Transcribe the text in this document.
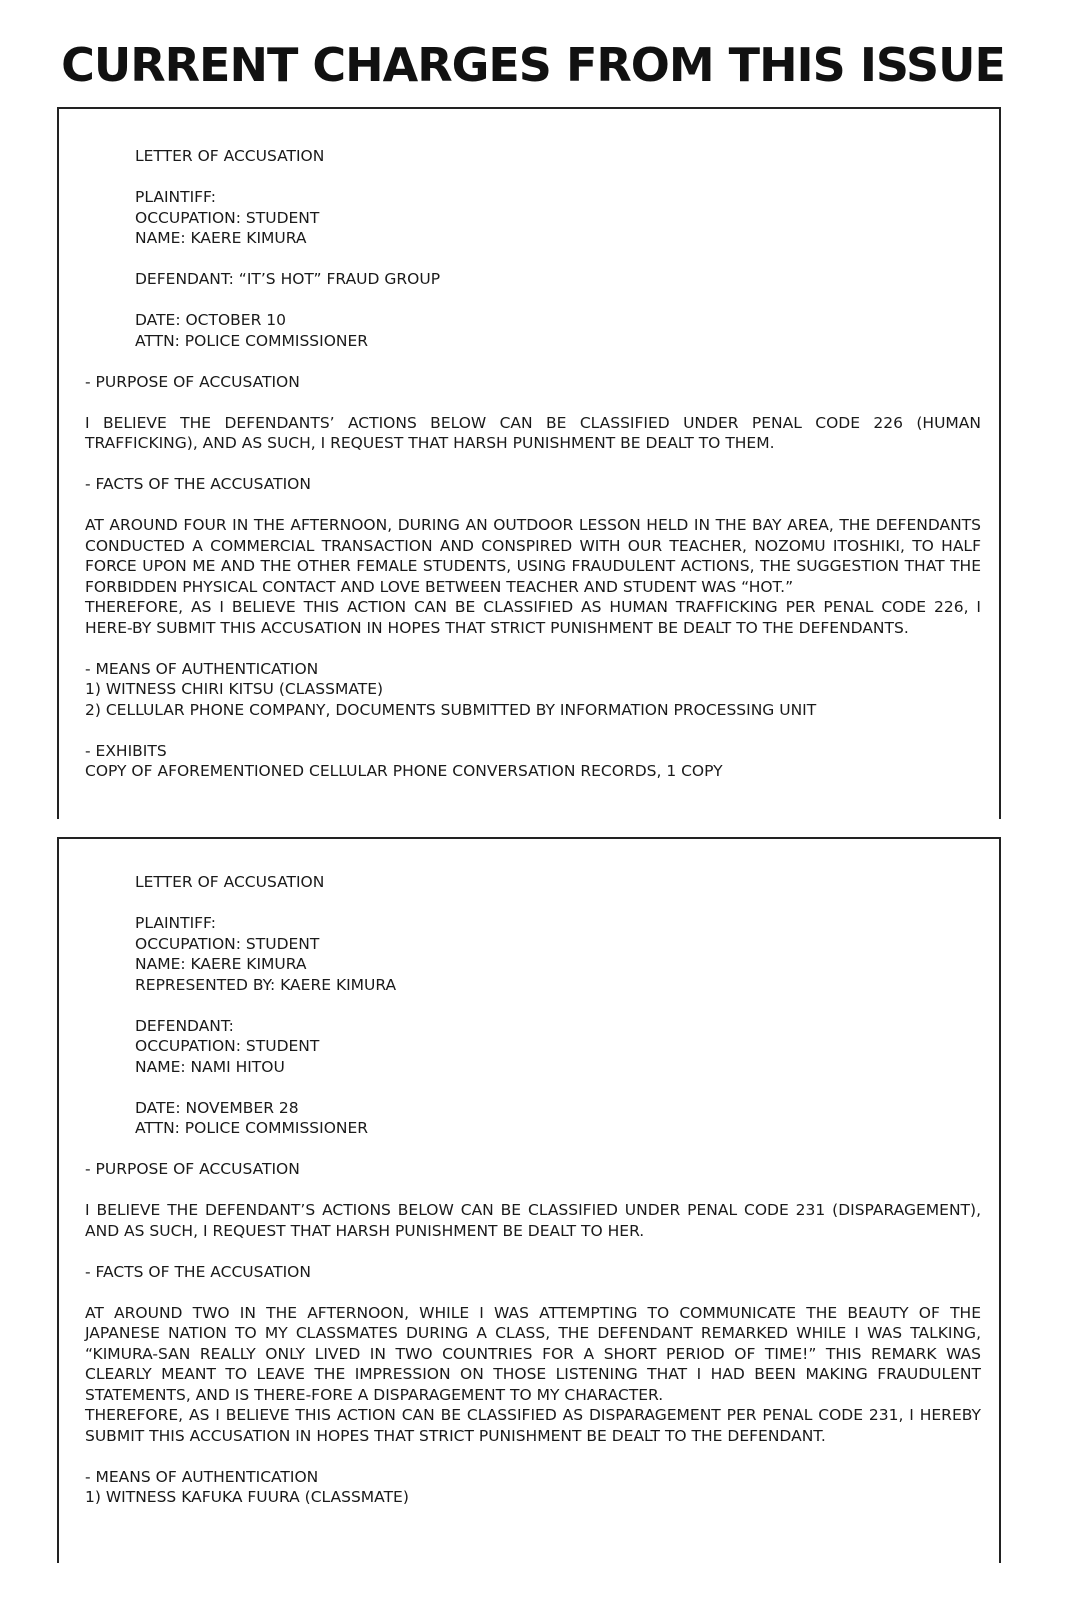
CURRENT CHARGES FROM THIS ISSUE
LETTER OF ACCUSATION
PLAINTIFF:
OCCUPATION: STUDENT
NAME: KAERE KIMURA
DEFENDANT: “IT’S HOT” FRAUD GROUP
DATE: OCTOBER 10
ATTN: POLICE COMMISSIONER
- PURPOSE OF ACCUSATION
I BELIEVE THE DEFENDANTS’ ACTIONS BELOW CAN BE CLASSIFIED UNDER PENAL CODE 226 (HUMAN TRAFFICKING), AND AS SUCH, I REQUEST THAT HARSH PUNISHMENT BE DEALT TO THEM.
- FACTS OF THE ACCUSATION
AT AROUND FOUR IN THE AFTERNOON, DURING AN OUTDOOR LESSON HELD IN THE BAY AREA, THE DEFENDANTS CONDUCTED A COMMERCIAL TRANSACTION AND CONSPIRED WITH OUR TEACHER, NOZOMU ITOSHIKI, TO HALF FORCE UPON ME AND THE OTHER FEMALE STUDENTS, USING FRAUDULENT ACTIONS, THE SUGGESTION THAT THE FORBIDDEN PHYSICAL CONTACT AND LOVE BETWEEN TEACHER AND STUDENT WAS “HOT.”
THEREFORE, AS I BELIEVE THIS ACTION CAN BE CLASSIFIED AS HUMAN TRAFFICKING PER PENAL CODE 226, I HERE-BY SUBMIT THIS ACCUSATION IN HOPES THAT STRICT PUNISHMENT BE DEALT TO THE DEFENDANTS.
- MEANS OF AUTHENTICATION
1) WITNESS CHIRI KITSU (CLASSMATE)
2) CELLULAR PHONE COMPANY, DOCUMENTS SUBMITTED BY INFORMATION PROCESSING UNIT
- EXHIBITS
COPY OF AFOREMENTIONED CELLULAR PHONE CONVERSATION RECORDS, 1 COPY
LETTER OF ACCUSATION
PLAINTIFF:
OCCUPATION: STUDENT
NAME: KAERE KIMURA
REPRESENTED BY: KAERE KIMURA
DEFENDANT:
OCCUPATION: STUDENT
NAME: NAMI HITOU
DATE: NOVEMBER 28
ATTN: POLICE COMMISSIONER
- PURPOSE OF ACCUSATION
I BELIEVE THE DEFENDANT’S ACTIONS BELOW CAN BE CLASSIFIED UNDER PENAL CODE 231 (DISPARAGEMENT), AND AS SUCH, I REQUEST THAT HARSH PUNISHMENT BE DEALT TO HER.
- FACTS OF THE ACCUSATION
AT AROUND TWO IN THE AFTERNOON, WHILE I WAS ATTEMPTING TO COMMUNICATE THE BEAUTY OF THE JAPANESE NATION TO MY CLASSMATES DURING A CLASS, THE DEFENDANT REMARKED WHILE I WAS TALKING, “KIMURA-SAN REALLY ONLY LIVED IN TWO COUNTRIES FOR A SHORT PERIOD OF TIME!” THIS REMARK WAS CLEARLY MEANT TO LEAVE THE IMPRESSION ON THOSE LISTENING THAT I HAD BEEN MAKING FRAUDULENT STATEMENTS, AND IS THERE-FORE A DISPARAGEMENT TO MY CHARACTER.
THEREFORE, AS I BELIEVE THIS ACTION CAN BE CLASSIFIED AS DISPARAGEMENT PER PENAL CODE 231, I HEREBY SUBMIT THIS ACCUSATION IN HOPES THAT STRICT PUNISHMENT BE DEALT TO THE DEFENDANT.
- MEANS OF AUTHENTICATION
1) WITNESS KAFUKA FUURA (CLASSMATE)
